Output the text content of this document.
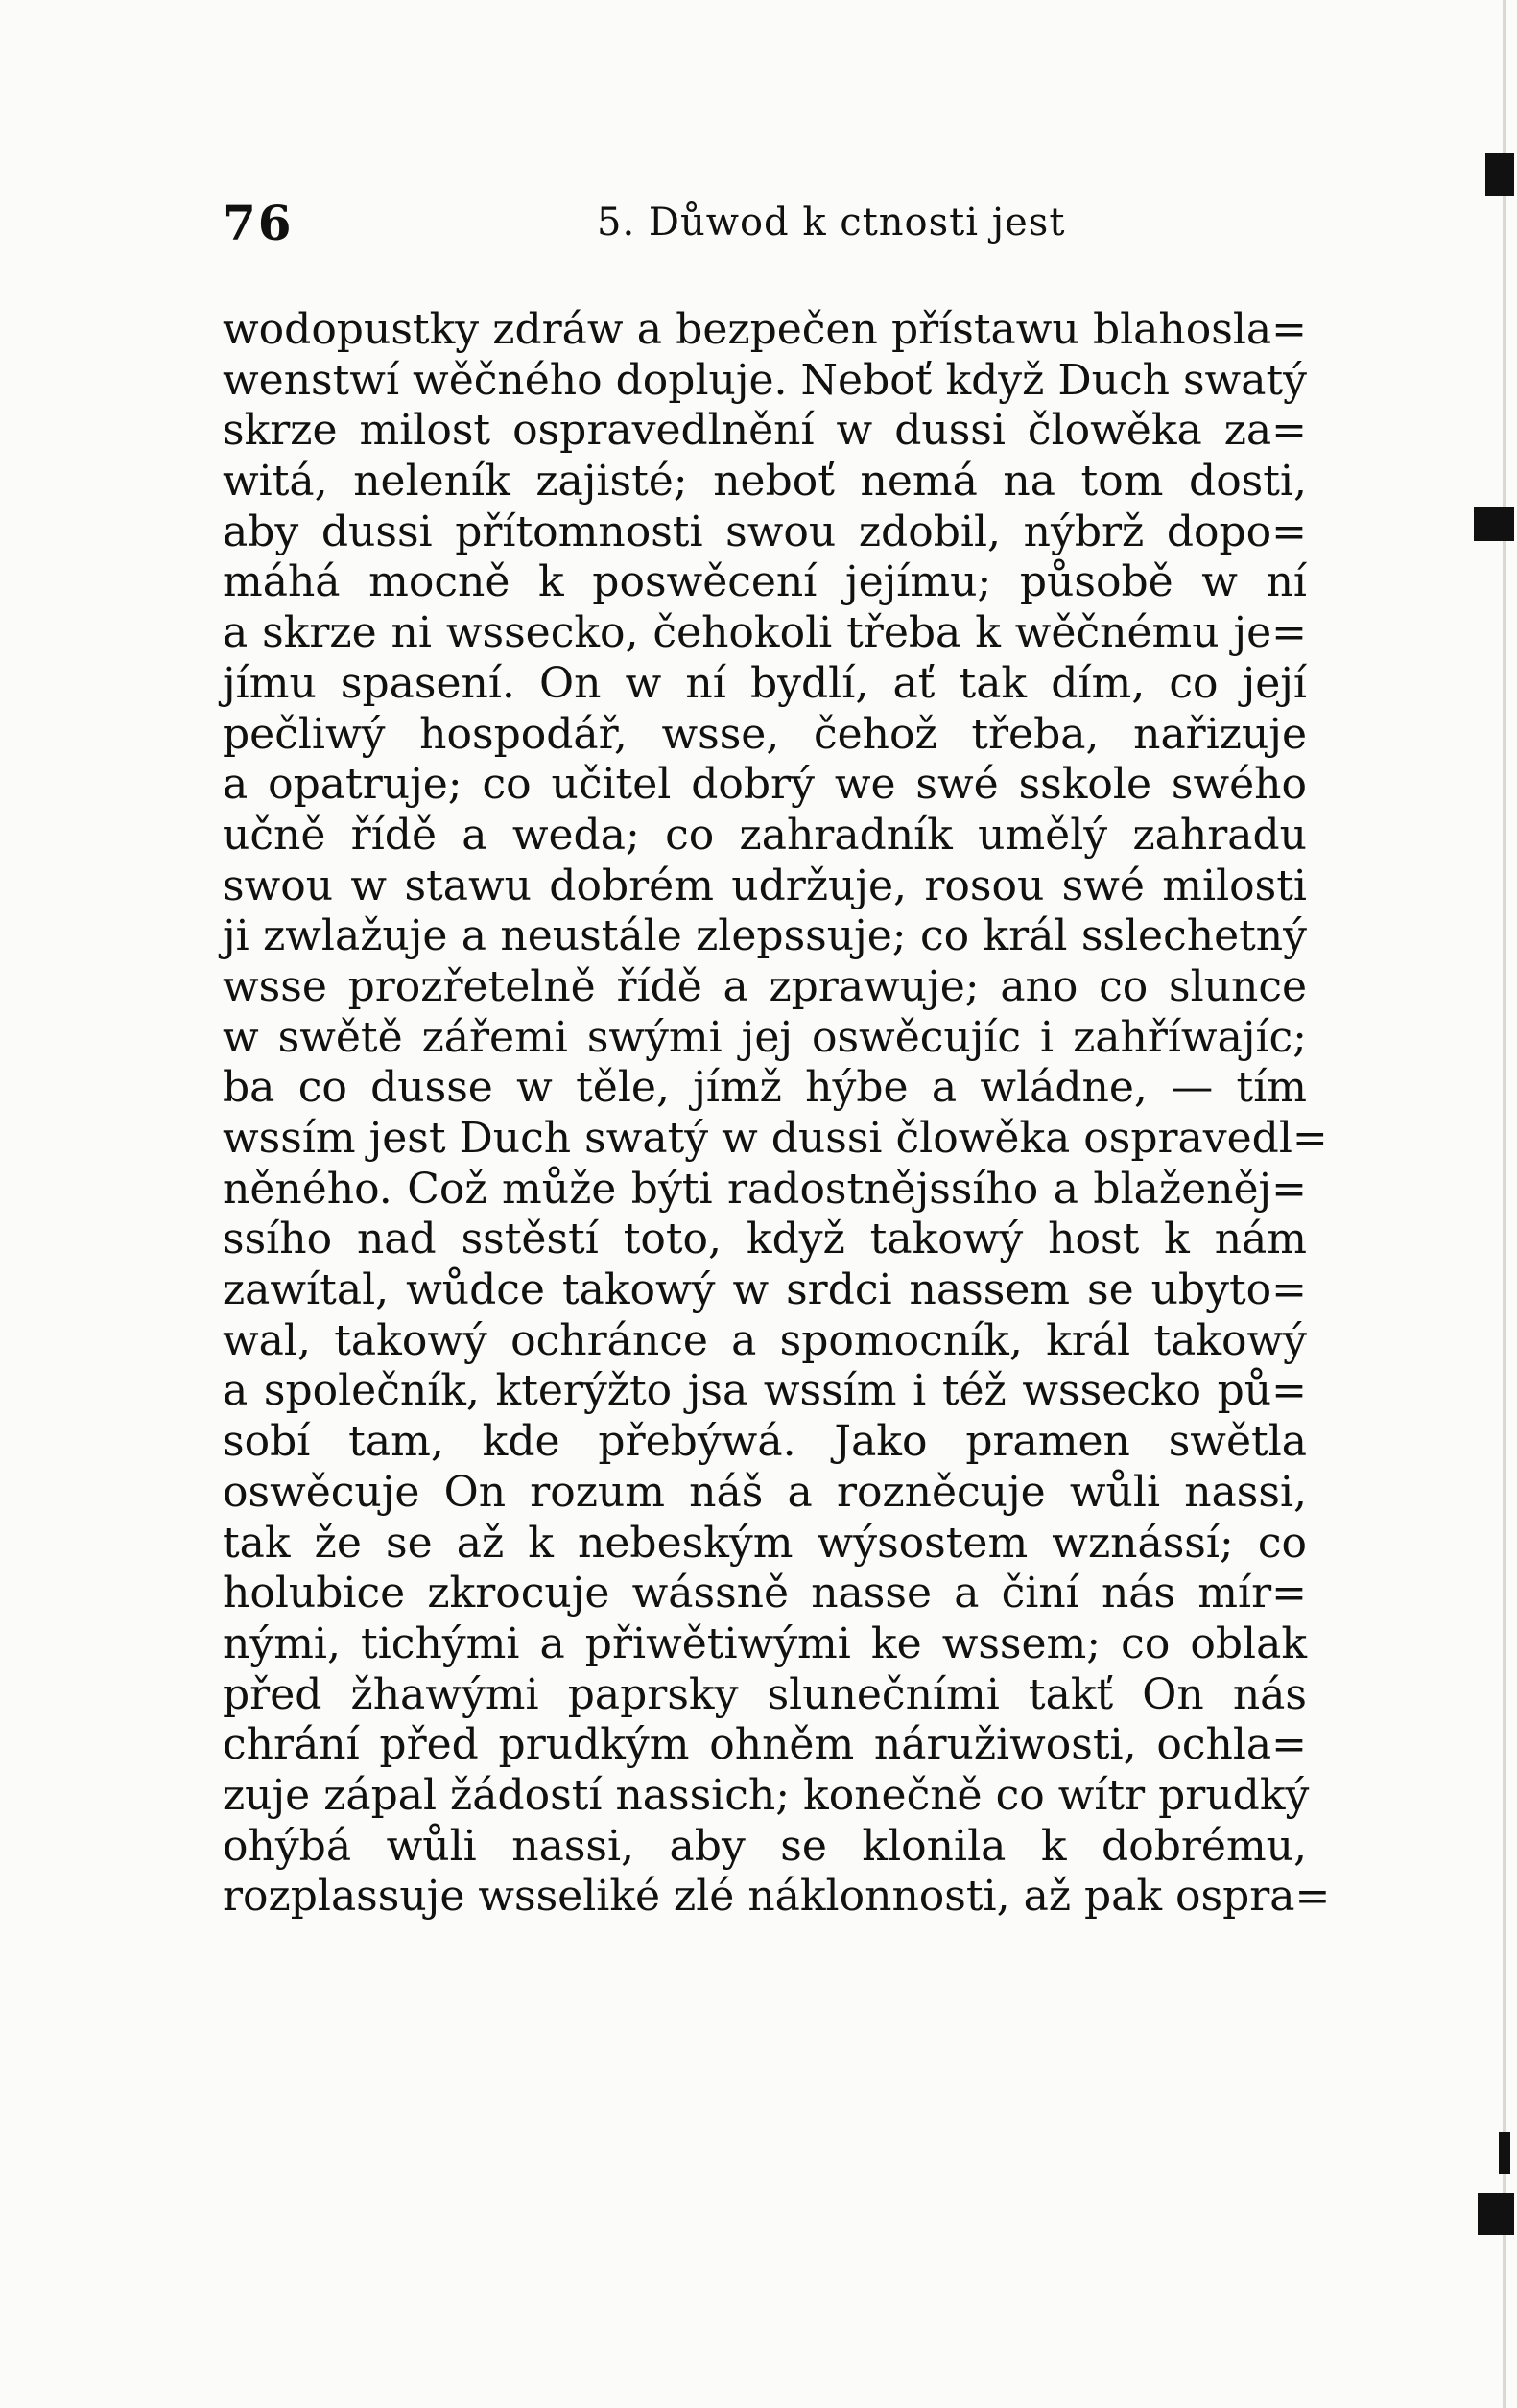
76	5. Důwod k ctnosti jest
wodopustky zdráw a bezpečen přístawu blahosla=
wenstwí wěčného dopluje. Neboť když Duch swatý
skrze milost ospravedlnění w dussi člowěka za=
witá, neleník zajisté; neboť nemá na tom dosti,
aby dussi přítomnosti swou zdobil, nýbrž dopo=
máhá mocně k poswěcení jejímu; působě w ní
a skrze ni wssecko, čehokoli třeba k wěčnému je=
jímu spasení. On w ní bydlí, ať tak dím, co její
pečliwý hospodář, wsse, čehož třeba, nařizuje
a opatruje; co učitel dobrý we swé sskole swého
učně řídě a weda; co zahradník umělý zahradu
swou w stawu dobrém udržuje, rosou swé milosti
ji zwlažuje a neustále zlepssuje; co král sslechetný
wsse prozřetelně řídě a zprawuje; ano co slunce
w swětě zářemi swými jej oswěcujíc i zahříwajíc;
ba co dusse w těle, jímž hýbe a wládne, — tím
wssím jest Duch swatý w dussi člowěka ospravedl=
něného. Což může býti radostnějssího a blaženěj=
ssího nad sstěstí toto, když takowý host k nám
zawítal, wůdce takowý w srdci nassem se ubyto=
wal, takowý ochránce a spomocník, král takowý
a společník, kterýžto jsa wssím i též wssecko pů=
sobí tam, kde přebýwá. Jako pramen swětla
oswěcuje On rozum náš a rozněcuje wůli nassi,
tak že se až k nebeským wýsostem wznássí; co
holubice zkrocuje wássně nasse a činí nás mír=
nými, tichými a přiwětiwými ke wssem; co oblak
před žhawými paprsky slunečními takť On nás
chrání před prudkým ohněm náružiwosti, ochla=
zuje zápal žádostí nassich; konečně co wítr prudký
ohýbá wůli nassi, aby se klonila k dobrému,
rozplassuje wsseliké zlé náklonnosti, až pak ospra=
